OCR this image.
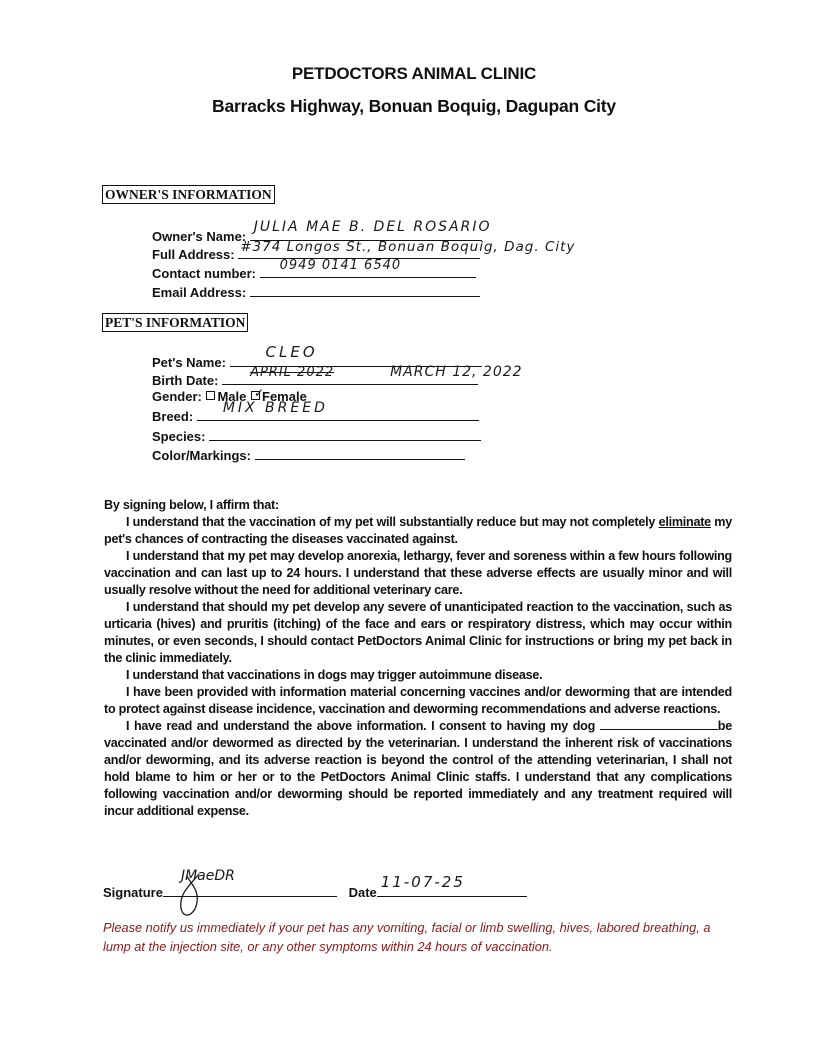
PETDOCTORS ANIMAL CLINIC
Barracks Highway, Bonuan Boquig, Dagupan City
OWNER'S INFORMATION
Owner's Name:
JULIA MAE B. DEL ROSARIO
Full Address: #374 Longos St., Bonuan Boquig, Dag. City
Contact number:
0949 0141 6540
Email Address:
PET'S INFORMATION
Pet's Name:
CLEO
Birth Date:
APRIL 2022	MARCH 12, 2022
Gender: Male ✓
Female
Breed:
MIX BREED
Species:
Color/Markings:

By signing below, I affirm that:

I understand that the vaccination of my pet will substantially reduce but may not completely eliminate my pet's chances of contracting the diseases vaccinated against.

I understand that my pet may develop anorexia, lethargy, fever and soreness within a few hours following vaccination and can last up to 24 hours. I understand that these adverse effects are usually minor and will usually resolve without the need for additional veterinary care.

I understand that should my pet develop any severe of unanticipated reaction to the vaccination, such as urticaria (hives) and pruritis (itching) of the face and ears or respiratory distress, which may occur within minutes, or even seconds, I should contact PetDoctors Animal Clinic for instructions or bring my pet back in the clinic immediately.

I understand that vaccinations in dogs may trigger autoimmune disease.

I have been provided with information material concerning vaccines and/or deworming that are intended to protect against disease incidence, vaccination and deworming recommendations and adverse reactions.

I have read and understand the above information. I consent to having my dog	be vaccinated and/or dewormed as directed by the veterinarian. I understand the inherent risk of vaccinations and/or deworming, and its adverse reaction is beyond the control of the attending veterinarian, I shall not hold blame to him or her or to the PetDoctors Animal Clinic staffs. I understand that any complications following vaccination and/or deworming should be reported immediately and any treatment required will incur additional expense.

Signature
JMaeDR
Date
11-07-25
Please notify us immediately if your pet has any vomiting, facial or limb swelling, hives, labored breathing, a lump at the injection site, or any other symptoms within 24 hours of vaccination.
